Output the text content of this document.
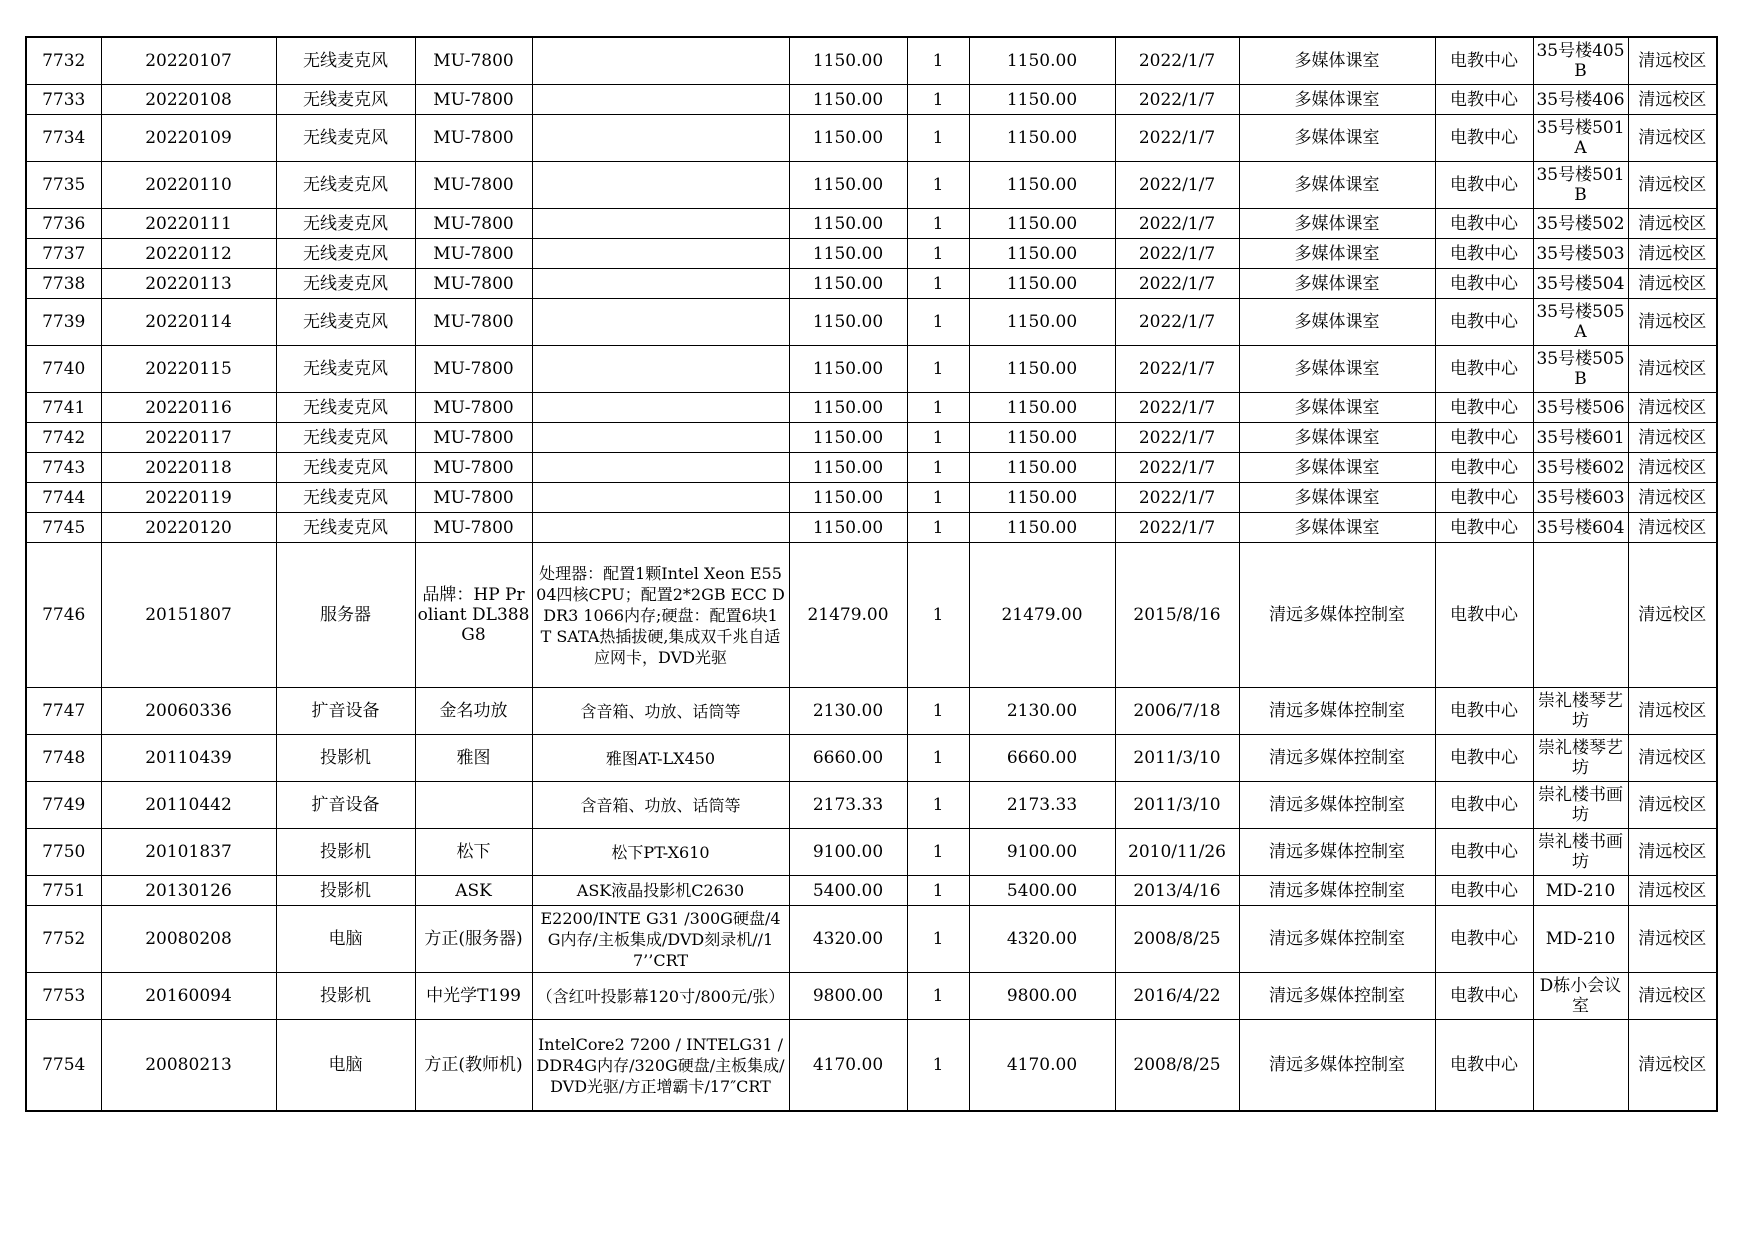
7732	20220107	无线麦克风	MU-7800		1150.00	1	1150.00	2022/1/7	多媒体课室	电教中心	35号楼405B	清远校区
7733	20220108	无线麦克风	MU-7800		1150.00	1	1150.00	2022/1/7	多媒体课室	电教中心	35号楼406	清远校区
7734	20220109	无线麦克风	MU-7800		1150.00	1	1150.00	2022/1/7	多媒体课室	电教中心	35号楼501A	清远校区
7735	20220110	无线麦克风	MU-7800		1150.00	1	1150.00	2022/1/7	多媒体课室	电教中心	35号楼501B	清远校区
7736	20220111	无线麦克风	MU-7800		1150.00	1	1150.00	2022/1/7	多媒体课室	电教中心	35号楼502	清远校区
7737	20220112	无线麦克风	MU-7800		1150.00	1	1150.00	2022/1/7	多媒体课室	电教中心	35号楼503	清远校区
7738	20220113	无线麦克风	MU-7800		1150.00	1	1150.00	2022/1/7	多媒体课室	电教中心	35号楼504	清远校区
7739	20220114	无线麦克风	MU-7800		1150.00	1	1150.00	2022/1/7	多媒体课室	电教中心	35号楼505A	清远校区
7740	20220115	无线麦克风	MU-7800		1150.00	1	1150.00	2022/1/7	多媒体课室	电教中心	35号楼505B	清远校区
7741	20220116	无线麦克风	MU-7800		1150.00	1	1150.00	2022/1/7	多媒体课室	电教中心	35号楼506	清远校区
7742	20220117	无线麦克风	MU-7800		1150.00	1	1150.00	2022/1/7	多媒体课室	电教中心	35号楼601	清远校区
7743	20220118	无线麦克风	MU-7800		1150.00	1	1150.00	2022/1/7	多媒体课室	电教中心	35号楼602	清远校区
7744	20220119	无线麦克风	MU-7800		1150.00	1	1150.00	2022/1/7	多媒体课室	电教中心	35号楼603	清远校区
7745	20220120	无线麦克风	MU-7800		1150.00	1	1150.00	2022/1/7	多媒体课室	电教中心	35号楼604	清远校区
7746	20151807	服务器	品牌：HP Proliant DL388 G8	处理器：配置1颗Intel Xeon E5504四核CPU；配置2*2GB ECC DDR3 1066内存;硬盘：配置6块1 T SATA热插拔硬,集成双千兆自适应网卡，DVD光驱	21479.00	1	21479.00	2015/8/16	清远多媒体控制室	电教中心		清远校区
7747	20060336	扩音设备	金名功放	含音箱、功放、话筒等	2130.00	1	2130.00	2006/7/18	清远多媒体控制室	电教中心	崇礼楼琴艺坊	清远校区
7748	20110439	投影机	雅图	雅图AT-LX450	6660.00	1	6660.00	2011/3/10	清远多媒体控制室	电教中心	崇礼楼琴艺坊	清远校区
7749	20110442	扩音设备		含音箱、功放、话筒等	2173.33	1	2173.33	2011/3/10	清远多媒体控制室	电教中心	崇礼楼书画坊	清远校区
7750	20101837	投影机	松下	松下PT-X610	9100.00	1	9100.00	2010/11/26	清远多媒体控制室	电教中心	崇礼楼书画坊	清远校区
7751	20130126	投影机	ASK	ASK液晶投影机C2630	5400.00	1	5400.00	2013/4/16	清远多媒体控制室	电教中心	MD-210	清远校区
7752	20080208	电脑	方正(服务器)	E2200/INTE G31 /300G硬盘/4G内存/主板集成/DVD刻录机//17’’CRT	4320.00	1	4320.00	2008/8/25	清远多媒体控制室	电教中心	MD-210	清远校区
7753	20160094	投影机	中光学T199	（含红叶投影幕120寸/800元/张）	9800.00	1	9800.00	2016/4/22	清远多媒体控制室	电教中心	D栋小会议室	清远校区
7754	20080213	电脑	方正(教师机)	IntelCore2 7200 / INTELG31 /DDR4G内存/320G硬盘/主板集成/DVD光驱/方正增霸卡/17″CRT	4170.00	1	4170.00	2008/8/25	清远多媒体控制室	电教中心		清远校区
